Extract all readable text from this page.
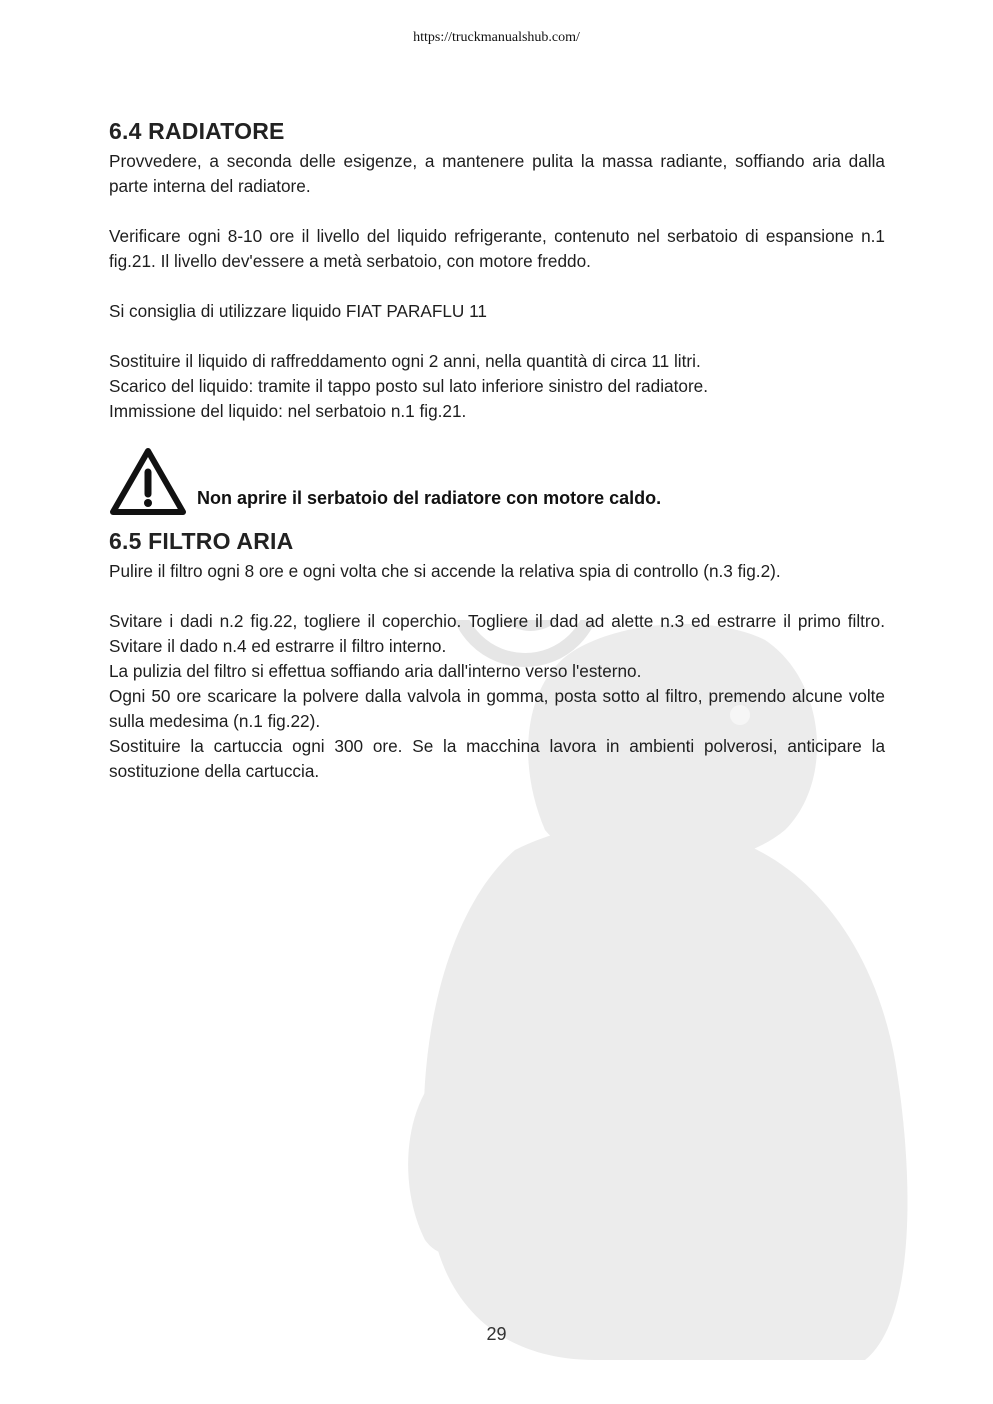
https://truckmanualshub.com/
6.4 RADIATORE

Provvedere, a seconda delle esigenze, a mantenere pulita la massa radiante, soffiando aria dalla parte interna del radiatore.

Verificare ogni 8-10 ore il livello del liquido refrigerante, contenuto nel serbatoio di espansione n.1 fig.21. Il livello dev'essere a metà serbatoio, con motore freddo.

Si consiglia di utilizzare liquido FIAT PARAFLU 11

Sostituire il liquido di raffreddamento ogni 2 anni, nella quantità di circa 11 litri.

Scarico del liquido: tramite il tappo posto sul lato inferiore sinistro del radiatore.

Immissione del liquido: nel serbatoio n.1 fig.21.

Non aprire il serbatoio del radiatore con motore caldo.
6.5 FILTRO ARIA

Pulire il filtro ogni 8 ore e ogni volta che si accende la relativa spia di controllo (n.3 fig.2).

Svitare i dadi n.2 fig.22, togliere il coperchio. Togliere il dad ad alette n.3 ed estrarre il primo filtro. Svitare il dado n.4 ed estrarre il filtro interno.

La pulizia del filtro si effettua soffiando aria dall'interno verso l'esterno.

Ogni 50 ore scaricare la polvere dalla valvola in gomma, posta sotto al filtro, premendo alcune volte sulla medesima (n.1 fig.22).

Sostituire la cartuccia ogni 300 ore. Se la macchina lavora in ambienti polverosi, anticipare la sostituzione della cartuccia.

29
